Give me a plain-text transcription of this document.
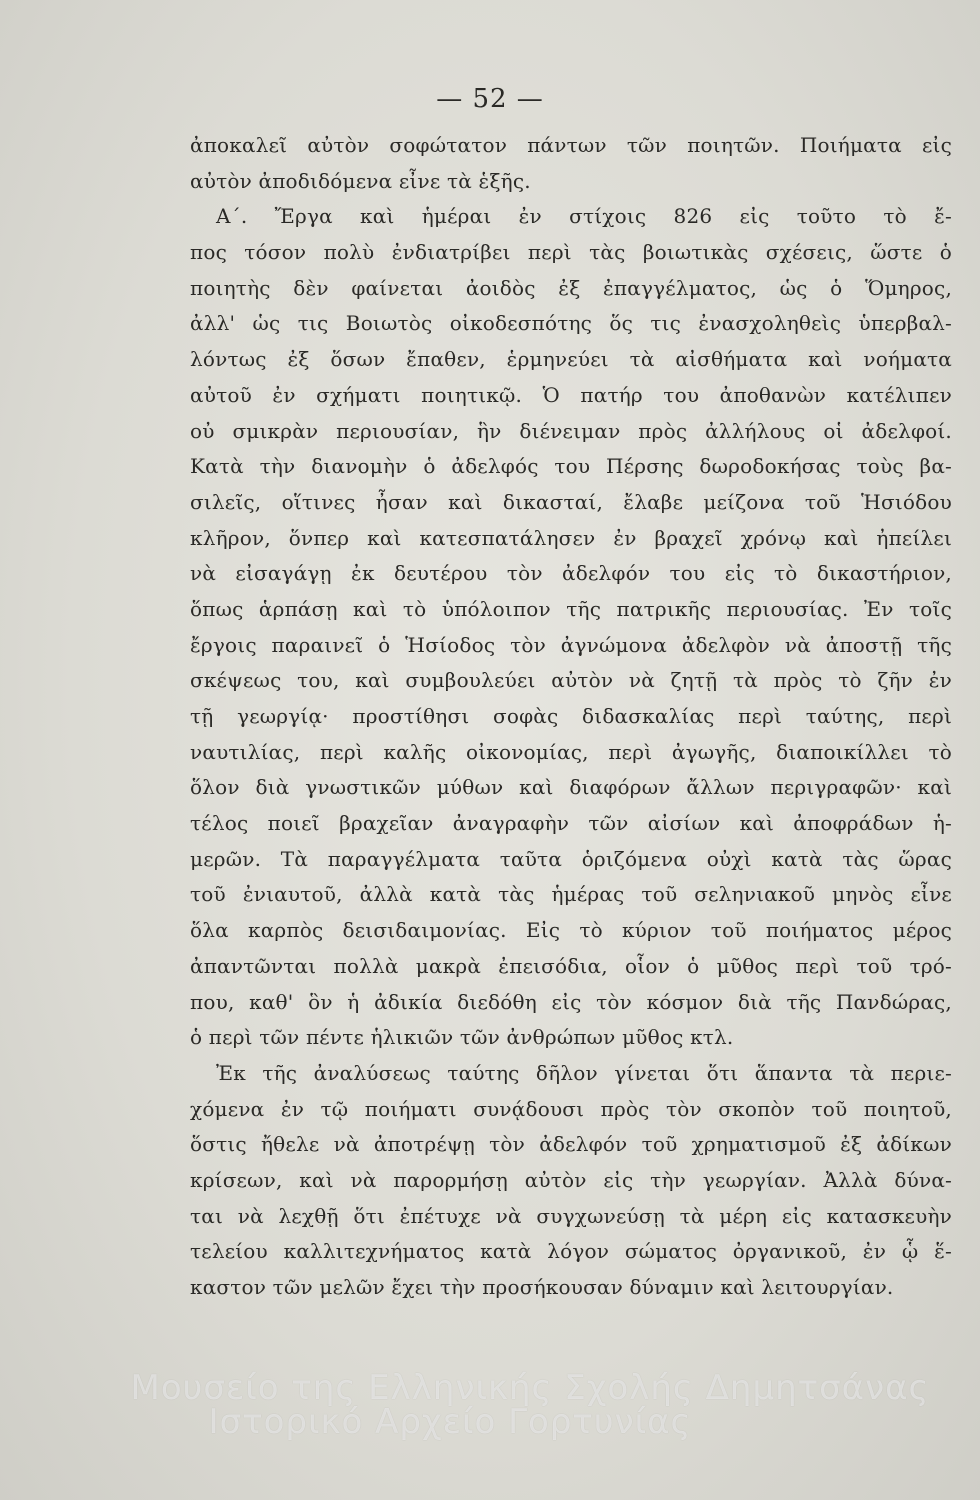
— 52 —
ἀποκαλεῖ αὐτὸν σοφώτατον πάντων τῶν ποιητῶν. Ποιήματα εἰς
αὐτὸν ἀποδιδόμενα εἶνε τὰ ἑξῆς.
Α΄. Ἔργα καὶ ἡμέραι ἐν στίχοις 826 εἰς τοῦτο τὸ ἔ-
πος τόσον πολὺ ἐνδιατρίβει περὶ τὰς βοιωτικὰς σχέσεις, ὥστε ὁ
ποιητὴς δὲν φαίνεται ἀοιδὸς ἐξ ἐπαγγέλματος, ὡς ὁ Ὅμηρος,
ἀλλ' ὡς τις Βοιωτὸς οἰκοδεσπότης ὅς τις ἐνασχοληθεὶς ὑπερβαλ-
λόντως ἐξ ὅσων ἔπαθεν, ἑρμηνεύει τὰ αἰσθήματα καὶ νοήματα
αὐτοῦ ἐν σχήματι ποιητικῷ. Ὁ πατήρ του ἀποθανὼν κατέλιπεν
οὐ σμικρὰν περιουσίαν, ἣν διένειμαν πρὸς ἀλλήλους οἱ ἀδελφοί.
Κατὰ τὴν διανομὴν ὁ ἀδελφός του Πέρσης δωροδοκήσας τοὺς βα-
σιλεῖς, οἵτινες ἦσαν καὶ δικασταί, ἔλαβε μείζονα τοῦ Ἡσιόδου
κλῆρον, ὅνπερ καὶ κατεσπατάλησεν ἐν βραχεῖ χρόνῳ καὶ ἠπείλει
νὰ εἰσαγάγῃ ἐκ δευτέρου τὸν ἀδελφόν του εἰς τὸ δικαστήριον,
ὅπως ἁρπάσῃ καὶ τὸ ὑπόλοιπον τῆς πατρικῆς περιουσίας. Ἐν τοῖς
ἔργοις παραινεῖ ὁ Ἡσίοδος τὸν ἀγνώμονα ἀδελφὸν νὰ ἀποστῇ τῆς
σκέψεως του, καὶ συμβουλεύει αὐτὸν νὰ ζητῇ τὰ πρὸς τὸ ζῆν ἐν
τῇ γεωργίᾳ· προστίθησι σοφὰς διδασκαλίας περὶ ταύτης, περὶ
ναυτιλίας, περὶ καλῆς οἰκονομίας, περὶ ἀγωγῆς, διαποικίλλει τὸ
ὅλον διὰ γνωστικῶν μύθων καὶ διαφόρων ἄλλων περιγραφῶν· καὶ
τέλος ποιεῖ βραχεῖαν ἀναγραφὴν τῶν αἰσίων καὶ ἀποφράδων ἡ-
μερῶν. Τὰ παραγγέλματα ταῦτα ὁριζόμενα οὐχὶ κατὰ τὰς ὥρας
τοῦ ἐνιαυτοῦ, ἀλλὰ κατὰ τὰς ἡμέρας τοῦ σεληνιακοῦ μηνὸς εἶνε
ὅλα καρπὸς δεισιδαιμονίας. Εἰς τὸ κύριον τοῦ ποιήματος μέρος
ἀπαντῶνται πολλὰ μακρὰ ἐπεισόδια, οἷον ὁ μῦθος περὶ τοῦ τρό-
που, καθ' ὃν ἡ ἀδικία διεδόθη εἰς τὸν κόσμον διὰ τῆς Πανδώρας,
ὁ περὶ τῶν πέντε ἡλικιῶν τῶν ἀνθρώπων μῦθος κτλ.
Ἐκ τῆς ἀναλύσεως ταύτης δῆλον γίνεται ὅτι ἅπαντα τὰ περιε-
χόμενα ἐν τῷ ποιήματι συνᾴδουσι πρὸς τὸν σκοπὸν τοῦ ποιητοῦ,
ὅστις ἤθελε νὰ ἀποτρέψῃ τὸν ἀδελφόν τοῦ χρηματισμοῦ ἐξ ἀδίκων
κρίσεων, καὶ νὰ παρορμήσῃ αὐτὸν εἰς τὴν γεωργίαν. Ἀλλὰ δύνα-
ται νὰ λεχθῇ ὅτι ἐπέτυχε νὰ συγχωνεύσῃ τὰ μέρη εἰς κατασκευὴν
τελείου καλλιτεχνήματος κατὰ λόγον σώματος ὀργανικοῦ, ἐν ᾧ ἕ-
καστον τῶν μελῶν ἔχει τὴν προσήκουσαν δύναμιν καὶ λειτουργίαν.
Μουσείο της Ελληνικής Σχολής Δημητσάνας
Ιστορικό Αρχείο Γορτυνίας
